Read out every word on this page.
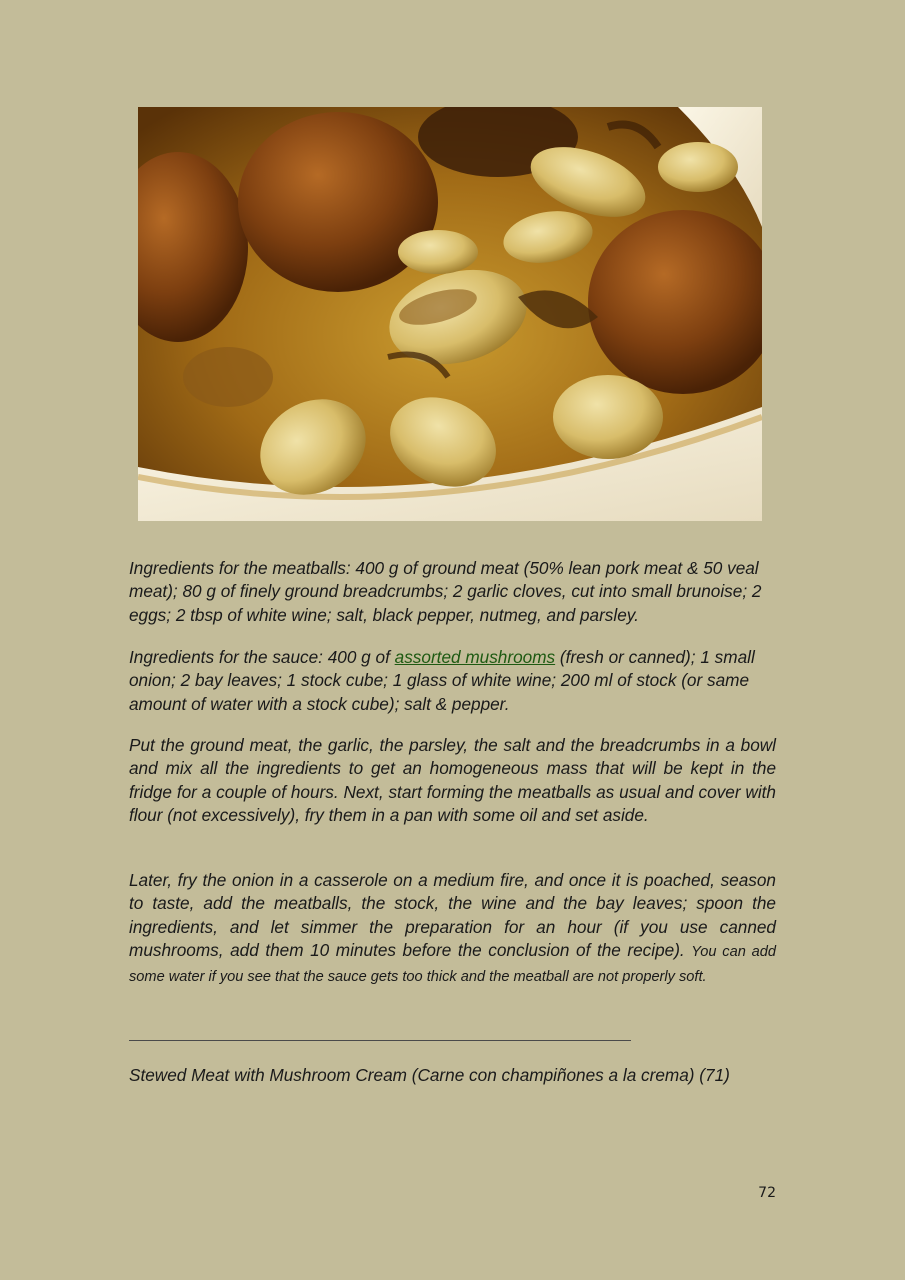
Ingredients for the meatballs: 400 g of ground meat (50% lean pork meat & 50 veal meat); 80 g of finely ground breadcrumbs; 2 garlic cloves, cut into small brunoise; 2 eggs; 2 tbsp of white wine; salt, black pepper, nutmeg, and parsley.

Ingredients for the sauce: 400 g of assorted mushrooms (fresh or canned); 1 small onion; 2 bay leaves; 1 stock cube; 1 glass of white wine; 200 ml of stock (or same amount of water with a stock cube); salt & pepper.

Put the ground meat, the garlic, the parsley, the salt and the breadcrumbs in a bowl and mix all the ingredients to get an homogeneous mass that will be kept in the fridge for a couple of hours. Next, start forming the meatballs as usual and cover with flour (not excessively), fry them in a pan with some oil and set aside.

Later, fry the onion in a casserole on a medium fire, and once it is poached, season to taste, add the meatballs, the stock, the wine and the bay leaves; spoon the ingredients, and let simmer the preparation for an hour (if you use canned mushrooms, add them 10 minutes before the conclusion of the recipe). You can add some water if you see that the sauce gets too thick and the meatball are not properly soft.

Stewed Meat with Mushroom Cream (Carne con champiñones a la crema) (71)

72
